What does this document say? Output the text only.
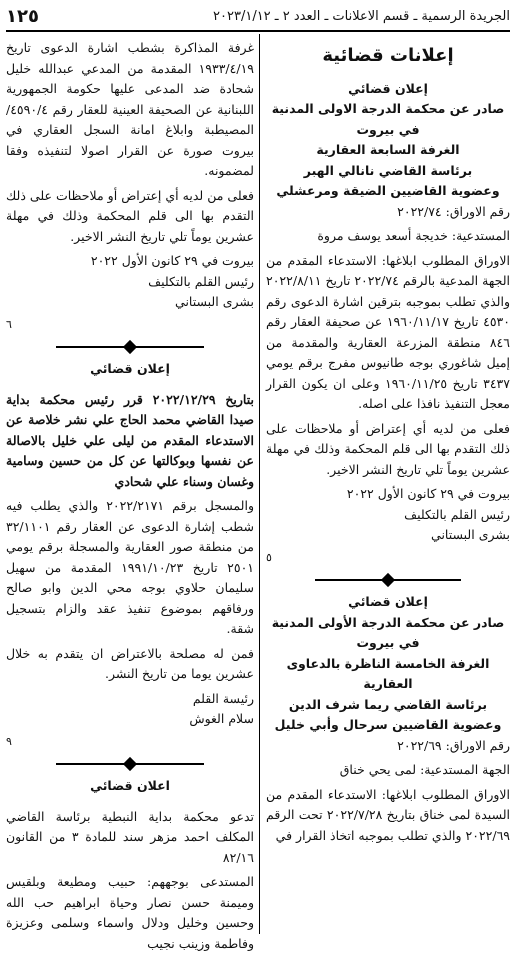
١٢٥	الجريدة الرسمية ـ قسم الاعلانات ـ العدد ٢ ـ ٢٠٢٣/١/١٢
إعلانات قضائية
إعلان قضائي
صادر عن محكمة الدرجة الاولى المدنية
في بيروت
الغرفة السابعة العقارية
برئاسة القاضي نانالي الهبر
وعضوية القاضيين الضيقة ومرعشلي

رقم الاوراق: ٢٠٢٢/٧٤

المستدعية: خديجة أسعد يوسف مروة

الاوراق المطلوب ابلاغها: الاستدعاء المقدم من الجهة المدعية بالرقم ٢٠٢٢/٧٤ تاريخ ٢٠٢٢/٨/١١ والذي تطلب بموجبه بترقين اشارة الدعوى رقم ٤٥٣٠ تاريخ ١٩٦٠/١١/١٧ عن صحيفة العقار رقم ٨٤٦ منطقة المزرعة العقارية والمقدمة من إميل شاغوري بوجه طانيوس مفرج برقم يومي ٣٤٣٧ تاريخ ١٩٦٠/١١/٢٥ وعلى ان يكون القرار معجل التنفيذ نافذا على اصله.

فعلى من لديه أي إعتراض أو ملاحظات على ذلك التقدم بها الى قلم المحكمة وذلك في مهلة عشرين يوماً تلي تاريخ النشر الاخير.

بيروت في ٢٩ كانون الأول ٢٠٢٢

رئيس القلم بالتكليف

بشرى البستاني

٥
إعلان قضائي
صادر عن محكمة الدرجة الأولى المدنية
في بيروت
الغرفة الخامسة الناظرة بالدعاوى العقارية
برئاسة القاضي ريما شرف الدين
وعضوية القاضيين سرحال وأبي خليل

رقم الاوراق: ٢٠٢٢/٦٩

الجهة المستدعية: لمى يحي خناق

الاوراق المطلوب ابلاغها: الاستدعاء المقدم من السيدة لمى خناق بتاريخ ٢٠٢٢/٧/٢٨ تحت الرقم ٢٠٢٢/٦٩ والذي تطلب بموجبه اتخاذ القرار في

غرفة المذاكرة بشطب اشارة الدعوى تاريخ ١٩٣٣/٤/١٩ المقدمة من المدعي عبدالله خليل شحادة ضد المدعى عليها حكومة الجمهورية اللبنانية عن الصحيفة العينية للعقار رقم ٤٥٩٠/٤/المصيطبة وابلاغ امانة السجل العقاري في بيروت صورة عن القرار اصولا لتنفيذه وفقا لمضمونه.

فعلى من لديه أي إعتراض أو ملاحظات على ذلك التقدم بها الى قلم المحكمة وذلك في مهلة عشرين يوماً تلي تاريخ النشر الاخير.

بيروت في ٢٩ كانون الأول ٢٠٢٢

رئيس القلم بالتكليف

بشرى البستاني

٦
إعلان قضائي

بتاريخ ٢٠٢٢/١٢/٢٩ قرر رئيس محكمة بداية صيدا القاضي محمد الحاج علي نشر خلاصة عن الاستدعاء المقدم من ليلى علي خليل بالاصالة عن نفسها وبوكالتها عن كل من حسين وسامية وغسان وسناء علي شحادي

والمسجل برقم ٢٠٢٢/٢١٧١ والذي يطلب فيه شطب إشارة الدعوى عن العقار رقم ٣٢/١١٠١ من منطقة صور العقارية والمسجلة برقم يومي ٢٥٠١ تاريخ ١٩٩١/١٠/٢٣ المقدمة من سهيل سليمان حلاوي بوجه محي الدين وابو صالح ورفاقهم بموضوع تنفيذ عقد والزام بتسجيل شقة.

فمن له مصلحة بالاعتراض ان يتقدم به خلال عشرين يوما من تاريخ النشر.

رئيسة القلم

سلام الغوش

٩
اعلان قضائي

تدعو محكمة بداية النبطية برئاسة القاضي المكلف احمد مزهر سند للمادة ٣ من القانون ٨٢/١٦

المستدعى بوجههم: حبيب ومطيعة وبلقيس وميمنة حسن نصار وحياة ابراهيم حب الله وحسين وخليل ودلال واسماء وسلمى وعزيزة وفاطمة وزينب نجيب
